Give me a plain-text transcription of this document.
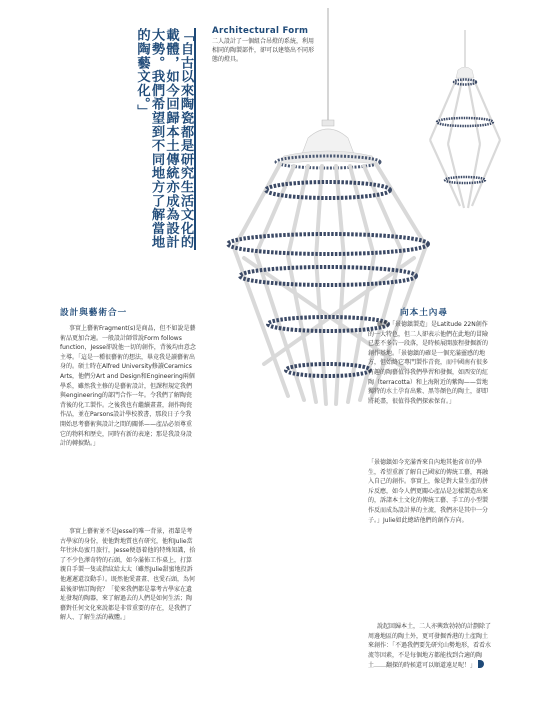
「自古以來陶瓷都是研究生活文化的載體，如今回歸本土傳統亦成為設計大勢。我們希望到不同地方了解當地的陶藝文化。」	Architectural Form
二人設計了一個組合吊燈的系統，利用相同的陶製部件，卻可以建築出不同形態的燈具。
設計與藝術合一	向本土內尋

事實上藝術Fragment(s)是商品，但不如說是藝術品更加合適。一般設計師常說Form follows function，Jesse卻說他一切的創作，背後均由意念主導。「這是一種很藝術的想法，畢竟我是讀藝術出身的。碩士時在Alfred University修讀Ceramics Arts，他們分Art and Design和Engineering兩個學系，雖然我主修的是藝術設計，但課程規定我們與engineering的部門合作一年。令我們了解陶瓷背後的化工製作。之後我也有繼續畫畫，創作陶瓷作品，並在Parsons設計學校教書，那段日子令我開始思考藝術與設計之間的關係——產品必須尊重它的物料和歷史，同時有新的表達；那是我設身設計的轉捩點。」

事實上藝術並不是Jesse的唯一背景，祖輩是考古學家的身份，使他對地質也有研究，他和Julie當年往沐島蜜月旅行，Jesse便憑着他的特殊知識，拾了不少色澤奇特的石頭，如今滿佈工作桌上，打算親自手製一隻或指紋給太太（雖然Julie甜蜜地投訴他遲遲還沒動手）。既然他愛畫畫、也愛石頭，為何最後卻情訂陶瓷？「從來我們都是靠考古學家在遺址發現的陶器，來了解過去的人們是如何生活；陶藝對任何文化來說都是非常重要的存在，是我們了解人、了解生活的載體。」

雖然「景德鎮製造」是Latitude 22N創作的一大特色，但二人卻表示他們在此地的冒險已差不多告一段落，是時候展開旅程發掘新的創作基地。「景德鎮的確是一個充滿靈感的地方，但始終它專門製作青瓷，而中國南有很多有趣的陶藝值得我們學習和發掘，如西安的紅陶（terracotta）和上海附近的紫陶——當地獨特的水土孕育出紫、黑等顏色的陶土，卻即將耗盡，很值得我們探索保育。」

「景德鎮如今充滿香來自內地其他省市的學生，希望重新了解自己國家的傳統工藝，再融入自己的創作。事實上，像是對大量生產的拼斥反應，如今人們更關心產品是怎樣製造出來的，訴諸本土文化的傳統工藝、手工的小型製作反而成為設計界的主流，我們亦是其中一分子。」Julie如此總結他們的創作方向。

說起回歸本土，二人亦興致勃勃的計劃除了周邊地區的陶土外，更可發掘香港的土產陶土來創作：「不過我們要先研究山勢地形，看看水流等因素，不是每個地方都能找到合適的陶土……翻探的時候還可以順道遠足呢！」
